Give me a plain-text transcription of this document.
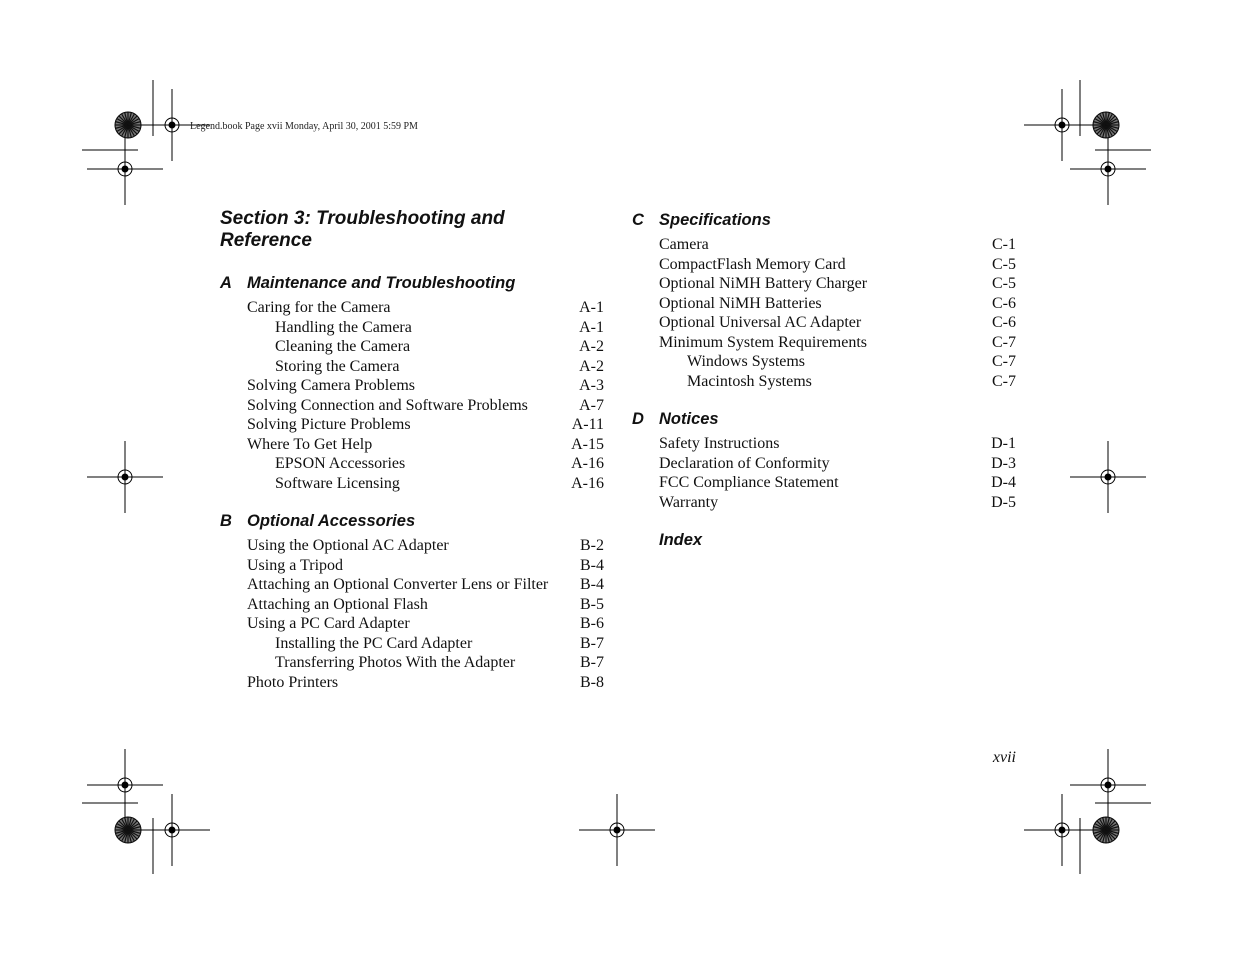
Legend.book Page xvii Monday, April 30, 2001 5:59 PM
Section 3: Troubleshooting and
Reference
A Maintenance and Troubleshooting
Caring for the Camera	A-1
Handling the Camera	A-1
Cleaning the Camera	A-2
Storing the Camera	A-2
Solving Camera Problems	A-3
Solving Connection and Software Problems	A-7
Solving Picture Problems	A-11
Where To Get Help	A-15
EPSON Accessories	A-16
Software Licensing	A-16
B Optional Accessories
Using the Optional AC Adapter	B-2
Using a Tripod	B-4
Attaching an Optional Converter Lens or Filter B-4
Attaching an Optional Flash	B-5
Using a PC Card Adapter	B-6
Installing the PC Card Adapter	B-7
Transferring Photos With the Adapter	B-7
Photo Printers	B-8
C Specifications
Camera	C-1
CompactFlash Memory Card	C-5
Optional NiMH Battery Charger	C-5
Optional NiMH Batteries	C-6
Optional Universal AC Adapter	C-6
Minimum System Requirements	C-7
Windows Systems	C-7
Macintosh Systems	C-7
D Notices
Safety Instructions	D-1
Declaration of Conformity	D-3
FCC Compliance Statement	D-4
Warranty	D-5
Index
xvii
